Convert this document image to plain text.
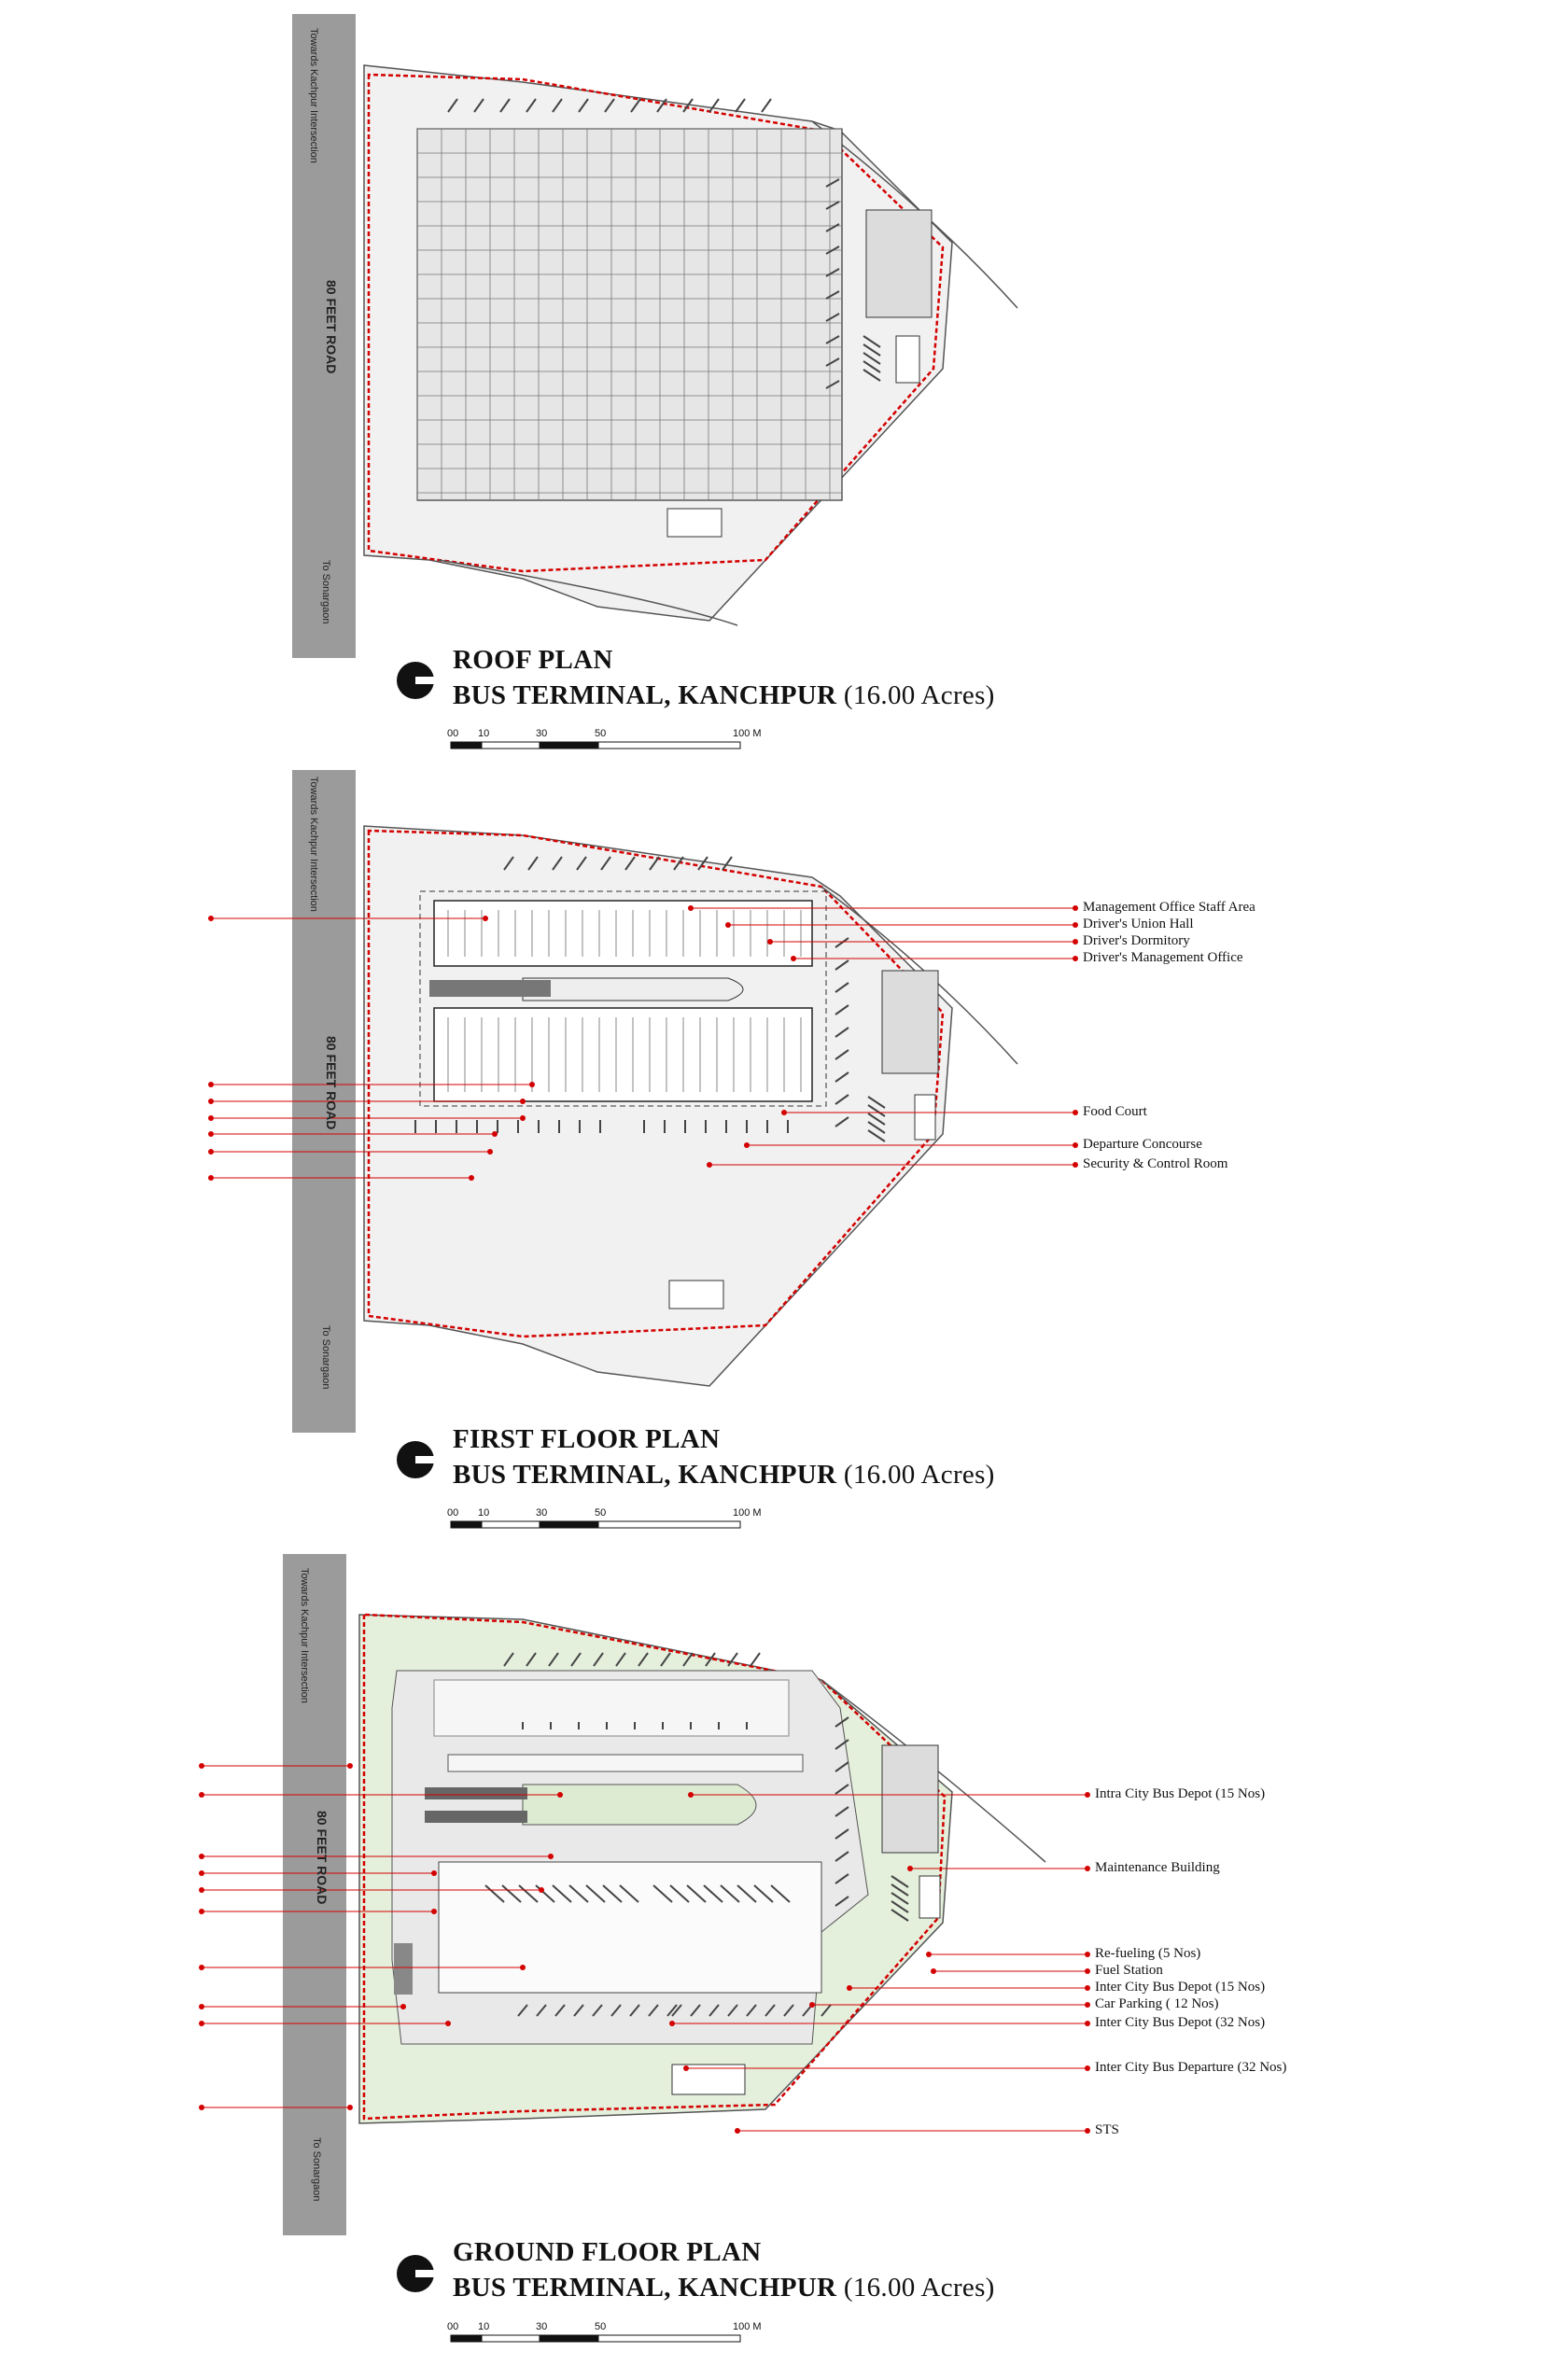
80 FEET ROAD
Towards Kachpur Intersection
To Sonargaon
ROOF PLAN
BUS TERMINAL, KANCHPUR (16.00 Acres)
00 10	30	50	100 M
80 FEET ROAD
Towards Kachpur Intersection
To Sonargaon
Management Office Staff Area
Driver's Union Hall
Driver's Dormitory
Driver's Management Office
Food Court
Departure Concourse
Security & Control Room
FIRST FLOOR PLAN
BUS TERMINAL, KANCHPUR (16.00 Acres)
00 10	30	50	100 M
80 FEET ROAD
Towards Kachpur Intersection
To Sonargaon
Intra City Bus Depot (15 Nos)
Maintenance Building
Re-fueling (5 Nos)
Fuel Station
Inter City Bus Depot (15 Nos)
Car Parking ( 12 Nos)
Inter City Bus Depot (32 Nos)
Inter City Bus Departure (32 Nos)
STS
GROUND FLOOR PLAN
BUS TERMINAL, KANCHPUR (16.00 Acres)
00 10	30	50	100 M
